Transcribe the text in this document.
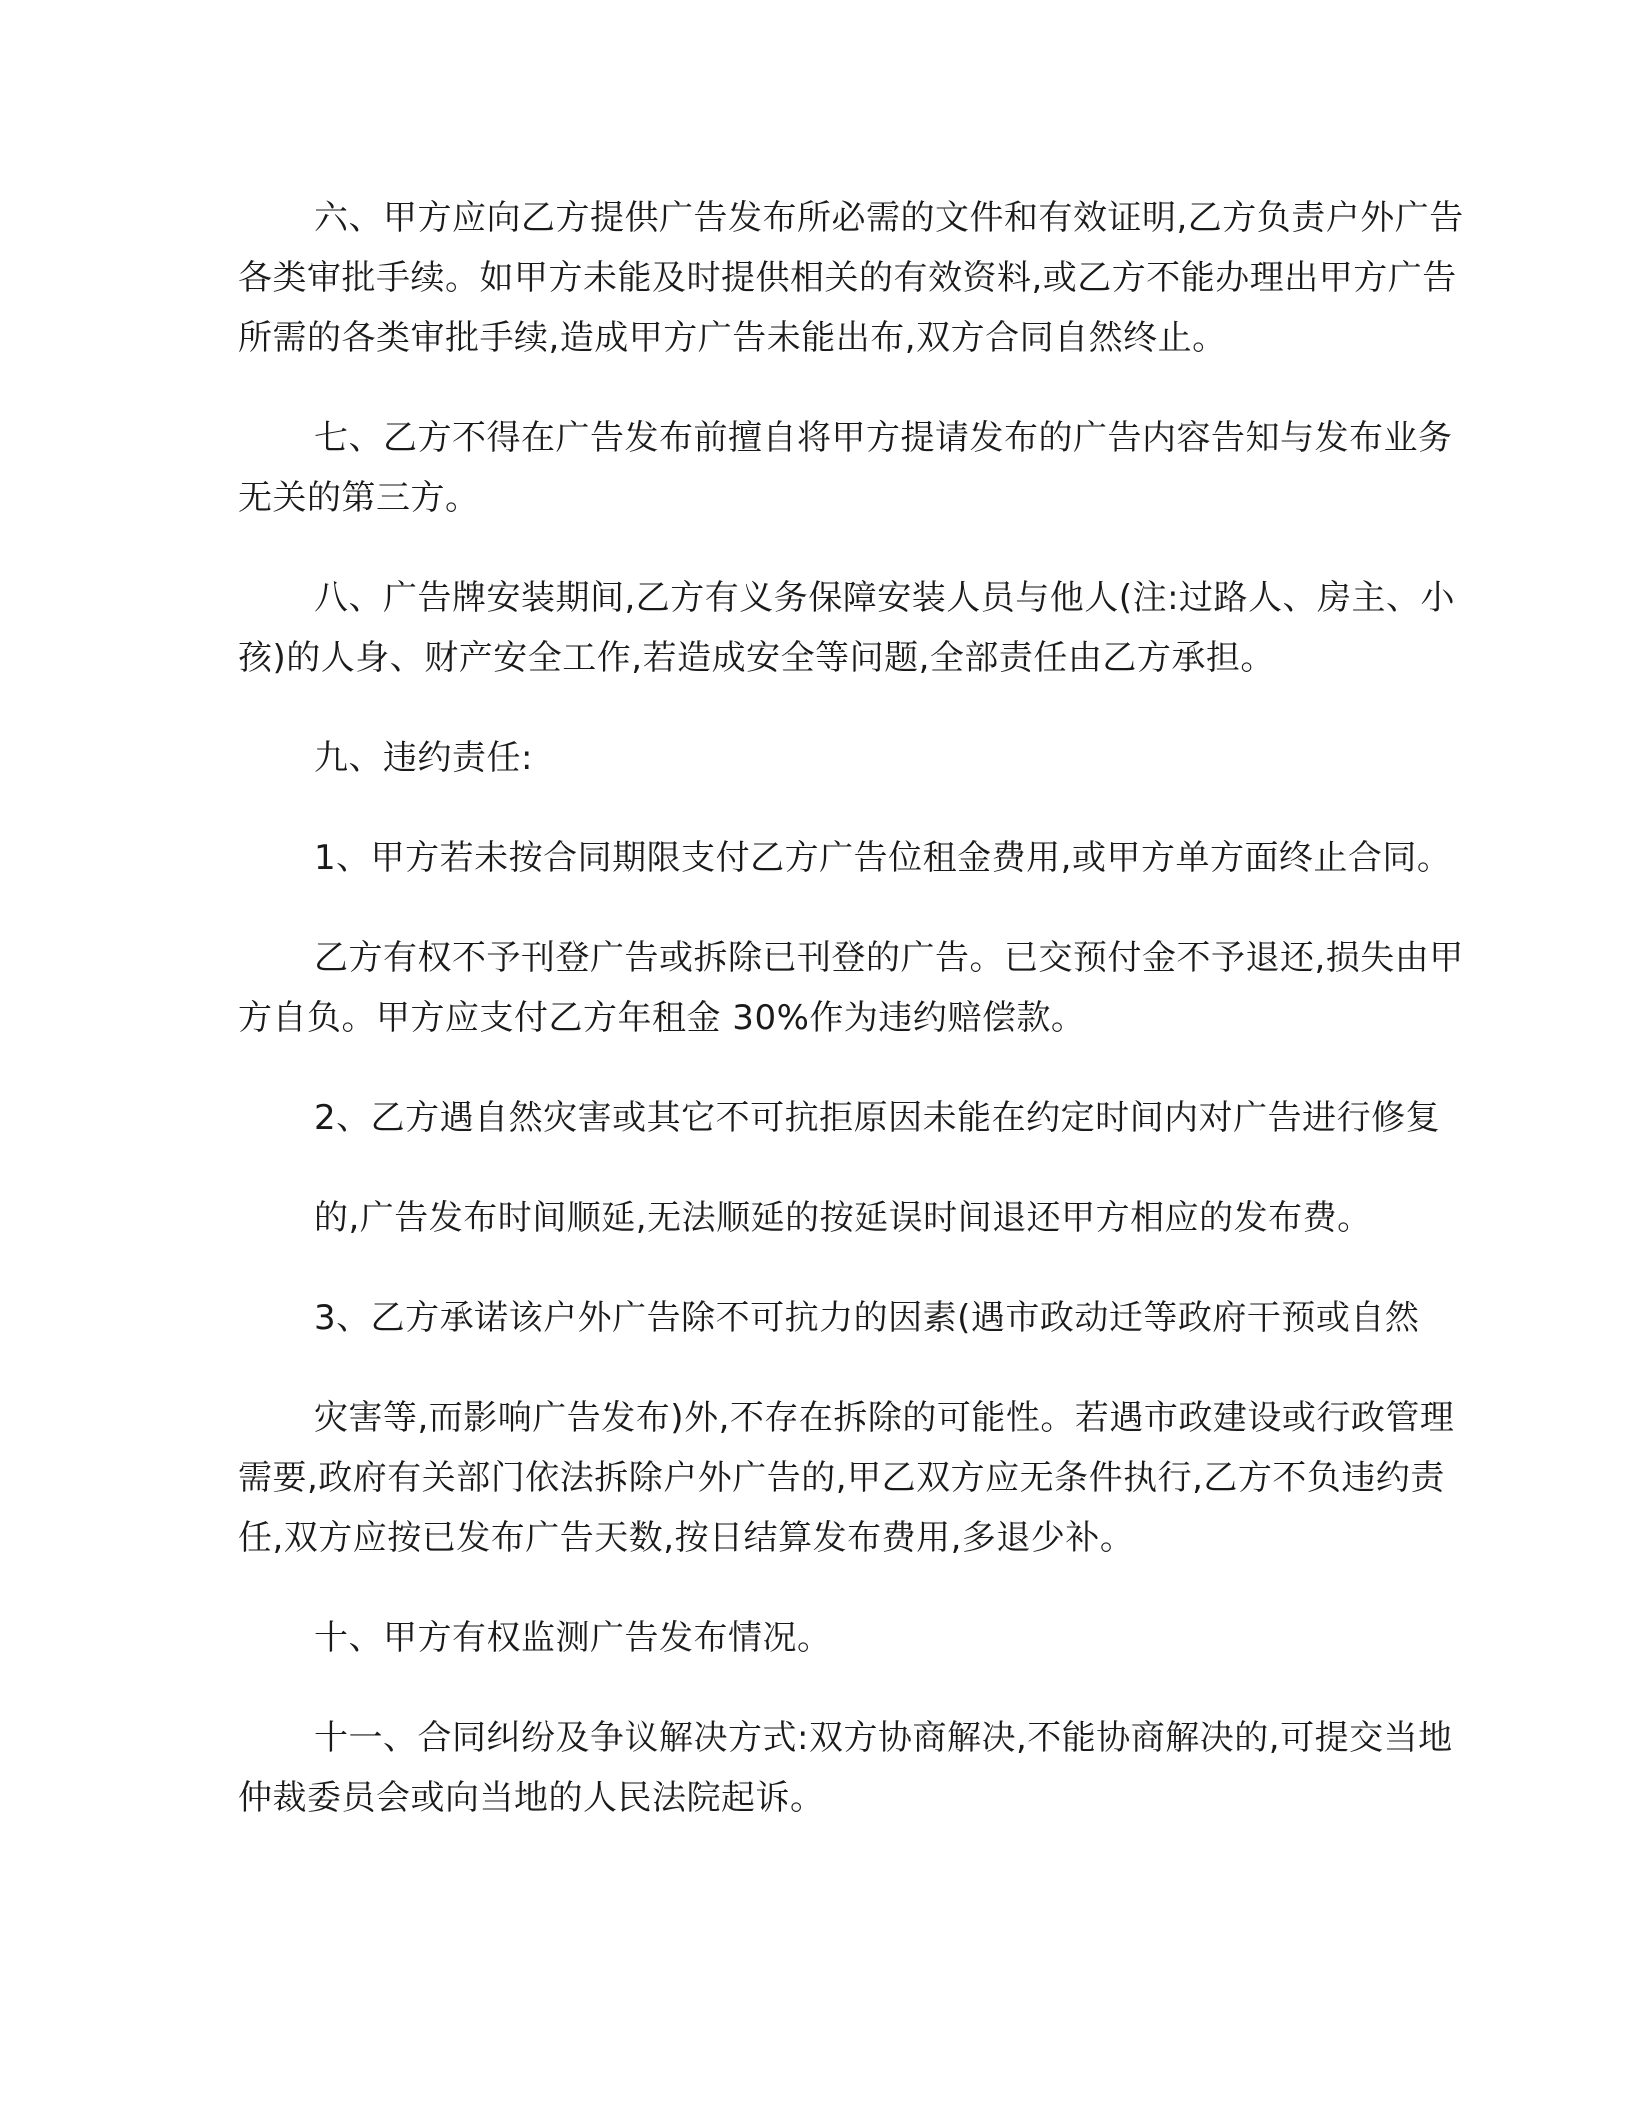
六、甲方应向乙方提供广告发布所必需的文件和有效证明,乙方负责户外广告

各类审批手续。如甲方未能及时提供相关的有效资料,或乙方不能办理出甲方广告

所需的各类审批手续,造成甲方广告未能出布,双方合同自然终止。

七、乙方不得在广告发布前擅自将甲方提请发布的广告内容告知与发布业务

无关的第三方。

八、广告牌安装期间,乙方有义务保障安装人员与他人(注:过路人、房主、小

孩)的人身、财产安全工作,若造成安全等问题,全部责任由乙方承担。

九、违约责任:

1、甲方若未按合同期限支付乙方广告位租金费用,或甲方单方面终止合同。

乙方有权不予刊登广告或拆除已刊登的广告。已交预付金不予退还,损失由甲

方自负。甲方应支付乙方年租金 30%作为违约赔偿款。

2、乙方遇自然灾害或其它不可抗拒原因未能在约定时间内对广告进行修复

的,广告发布时间顺延,无法顺延的按延误时间退还甲方相应的发布费。

3、乙方承诺该户外广告除不可抗力的因素(遇市政动迁等政府干预或自然

灾害等,而影响广告发布)外,不存在拆除的可能性。若遇市政建设或行政管理

需要,政府有关部门依法拆除户外广告的,甲乙双方应无条件执行,乙方不负违约责

任,双方应按已发布广告天数,按日结算发布费用,多退少补。

十、甲方有权监测广告发布情况。

十一、合同纠纷及争议解决方式:双方协商解决,不能协商解决的,可提交当地

仲裁委员会或向当地的人民法院起诉。
